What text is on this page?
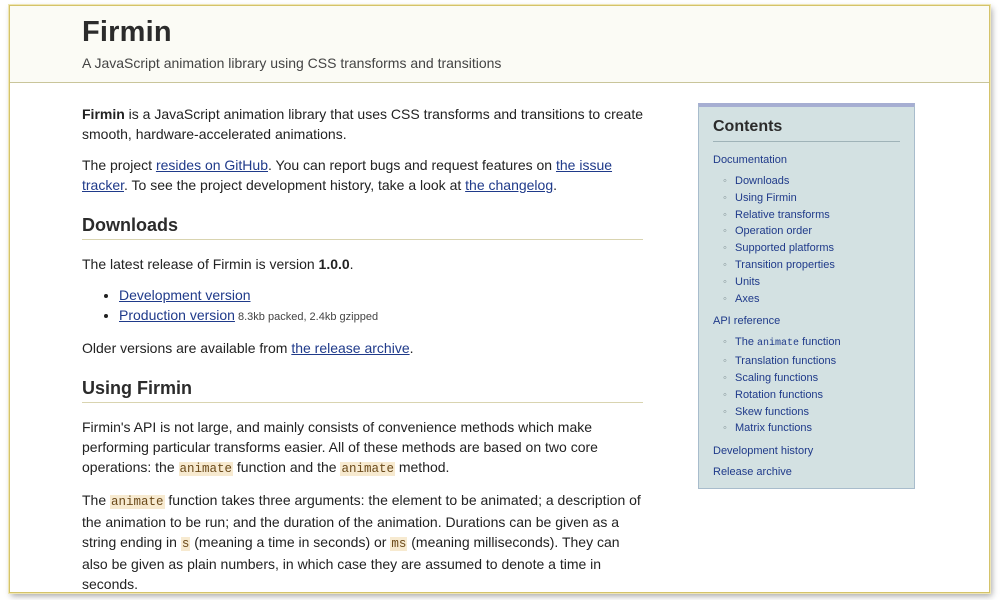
Firmin
A JavaScript animation library using CSS transforms and transitions

Firmin is a JavaScript animation library that uses CSS transforms and transitions to create smooth, hardware-accelerated animations.

The project resides on GitHub. You can report bugs and request features on the issue tracker. To see the project development history, take a look at the changelog.

Downloads

The latest release of Firmin is version 1.0.0.

• Development version
• Production version 8.3kb packed, 2.4kb gzipped

Older versions are available from the release archive.

Using Firmin

Firmin's API is not large, and mainly consists of convenience methods which make performing particular transforms easier. All of these methods are based on two core operations: the animate function and the animate method.

The animate function takes three arguments: the element to be animated; a description of the animation to be run; and the duration of the animation. Durations can be given as a string ending in s (meaning a time in seconds) or ms (meaning milliseconds). They can also be given as plain numbers, in which case they are assumed to denote a time in seconds.

Contents
Documentation
◦ Downloads
◦ Using Firmin
◦ Relative transforms
◦ Operation order
◦ Supported platforms
◦ Transition properties
◦ Units
◦ Axes
API reference
◦ The animate function
◦ Translation functions
◦ Scaling functions
◦ Rotation functions
◦ Skew functions
◦ Matrix functions
Development history
Release archive
